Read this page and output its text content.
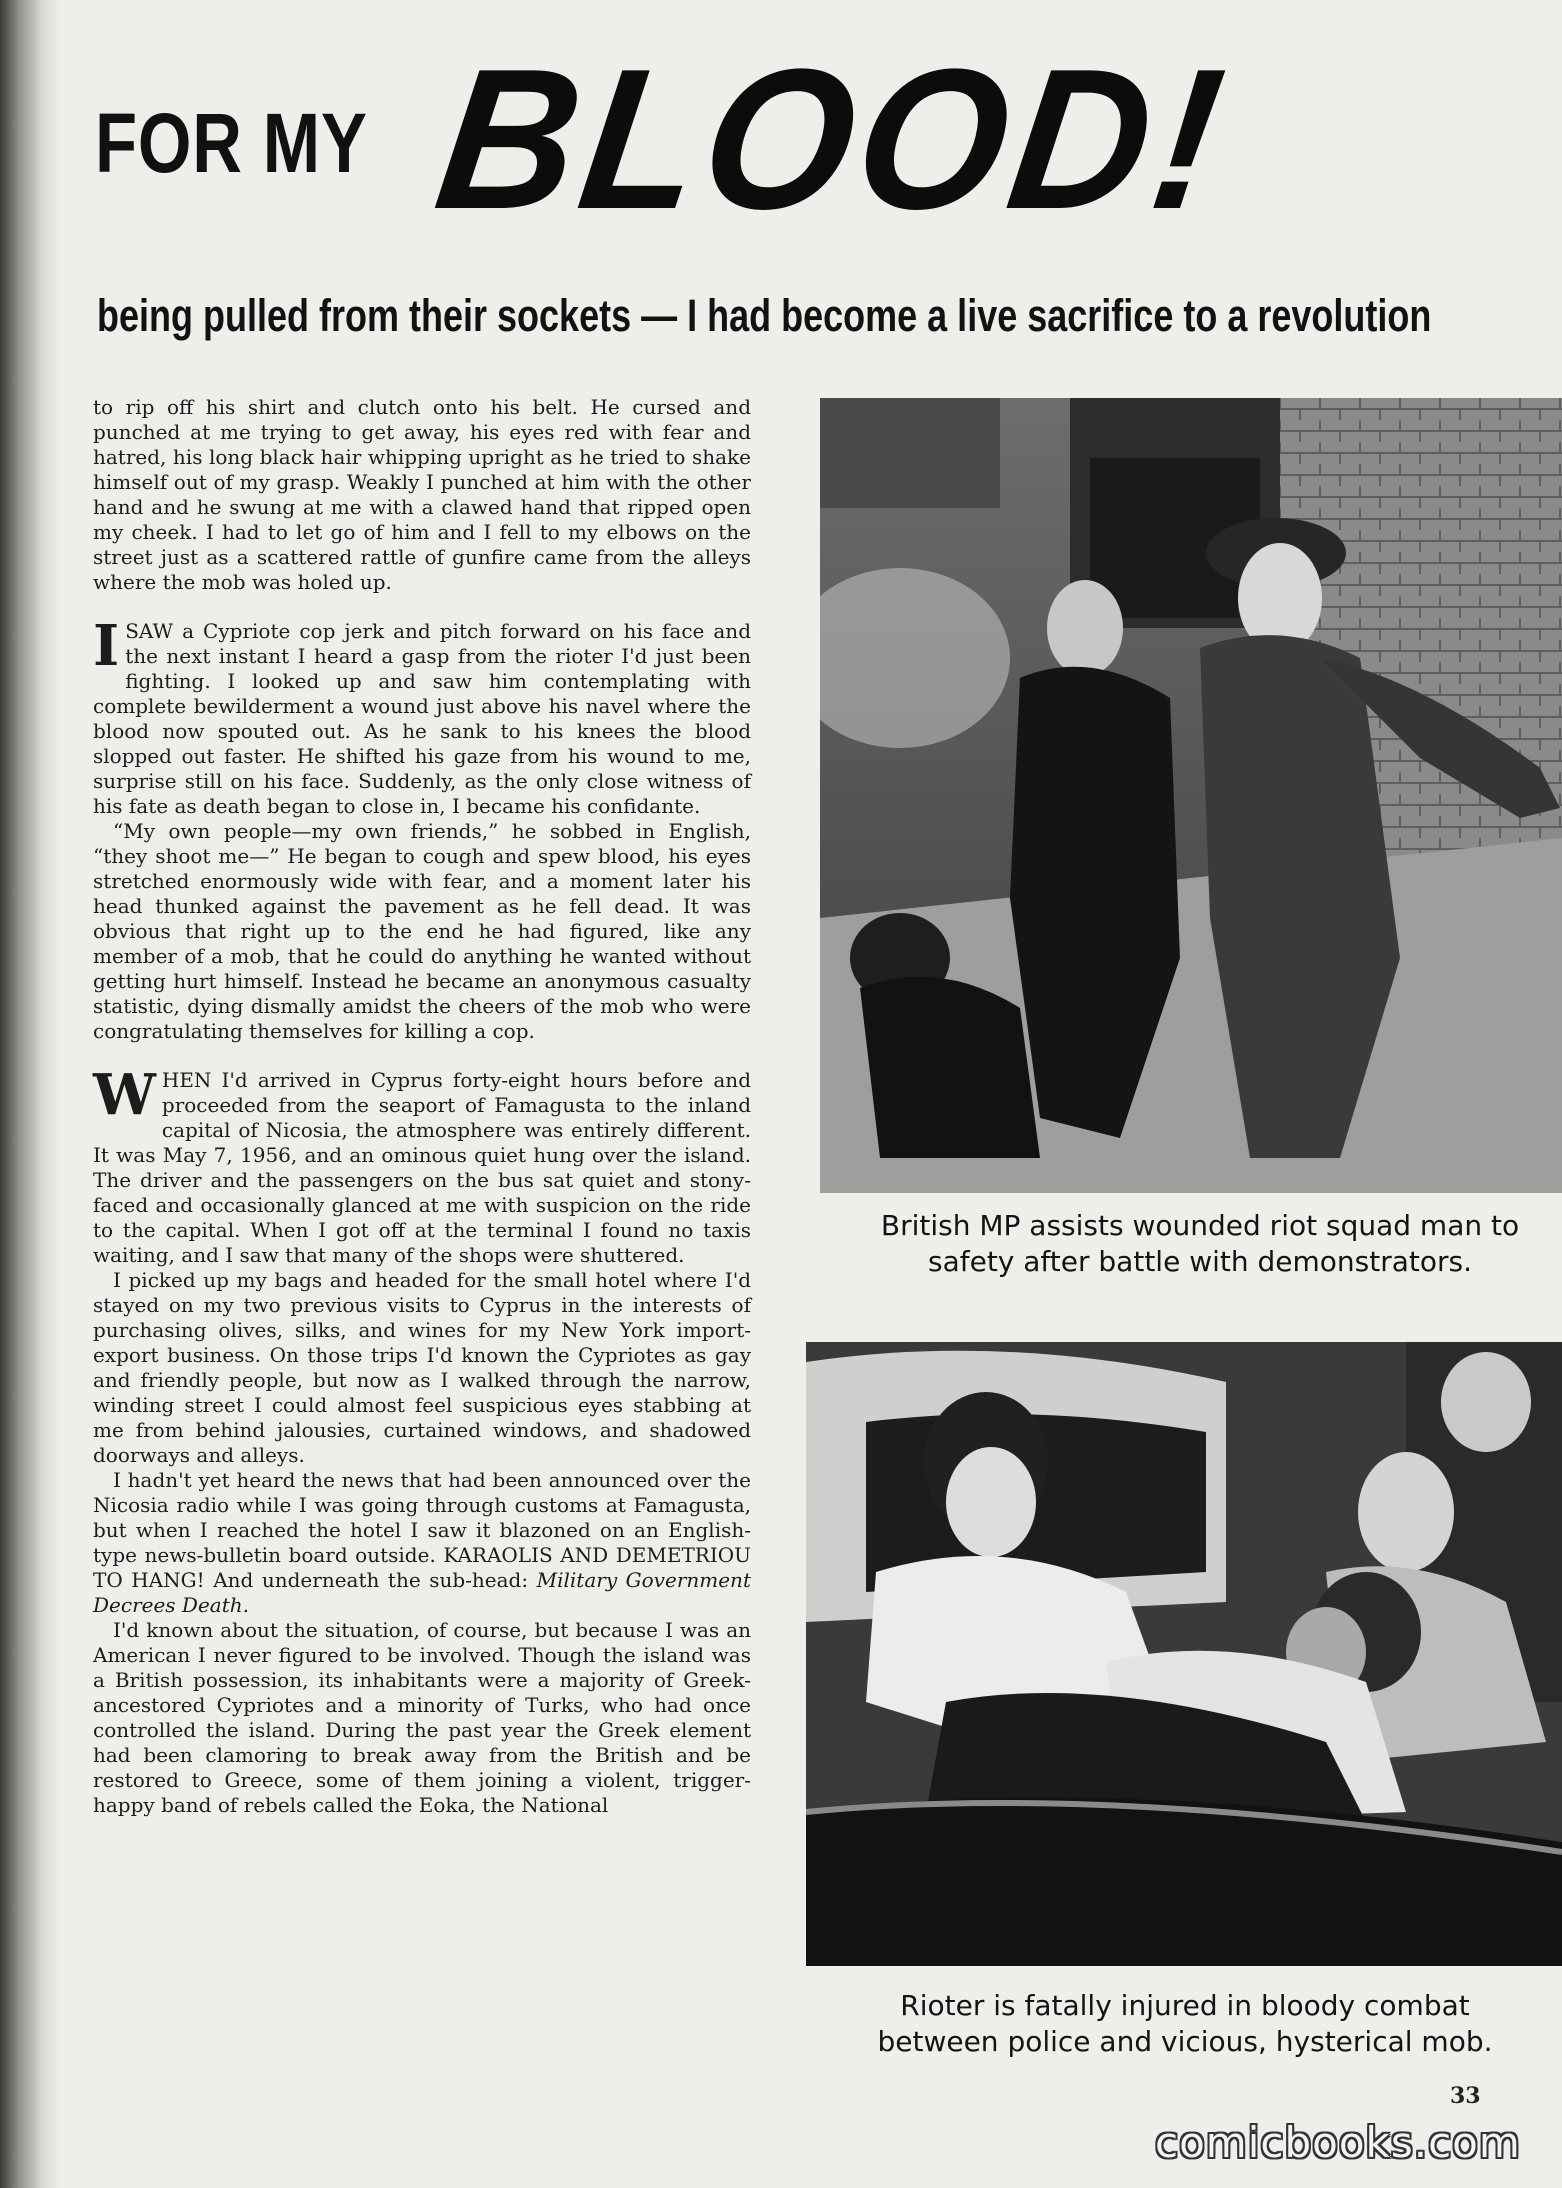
FOR MY BLOOD!
being pulled from their sockets — I had become a live sacrifice to a revolution

to rip off his shirt and clutch onto his belt. He cursed and punched at me trying to get away, his eyes red with fear and hatred, his long black hair whipping upright as he tried to shake himself out of my grasp. Weakly I punched at him with the other hand and he swung at me with a clawed hand that ripped open my cheek. I had to let go of him and I fell to my elbows on the street just as a scattered rattle of gunfire came from the alleys where the mob was holed up.

ISAW a Cypriote cop jerk and pitch forward on his face and the next instant I heard a gasp from the rioter I'd just been fighting. I looked up and saw him contemplating with complete bewilderment a wound just above his navel where the blood now spouted out. As he sank to his knees the blood slopped out faster. He shifted his gaze from his wound to me, surprise still on his face. Suddenly, as the only close witness of his fate as death began to close in, I became his confidante.

“My own people—my own friends,” he sobbed in English, “they shoot me—” He began to cough and spew blood, his eyes stretched enormously wide with fear, and a moment later his head thunked against the pavement as he fell dead. It was obvious that right up to the end he had figured, like any member of a mob, that he could do anything he wanted without getting hurt himself. Instead he became an anonymous casualty statistic, dying dismally amidst the cheers of the mob who were congratulating themselves for killing a cop.

WHEN I'd arrived in Cyprus forty-eight hours before and proceeded from the seaport of Famagusta to the inland capital of Nicosia, the atmosphere was entirely different. It was May 7, 1956, and an ominous quiet hung over the island. The driver and the passengers on the bus sat quiet and stony-faced and occasionally glanced at me with suspicion on the ride to the capital. When I got off at the terminal I found no taxis waiting, and I saw that many of the shops were shuttered.

I picked up my bags and headed for the small hotel where I'd stayed on my two previous visits to Cyprus in the interests of purchasing olives, silks, and wines for my New York import-export business. On those trips I'd known the Cypriotes as gay and friendly people, but now as I walked through the narrow, winding street I could almost feel suspicious eyes stabbing at me from behind jalousies, curtained windows, and shadowed doorways and alleys.

I hadn't yet heard the news that had been announced over the Nicosia radio while I was going through customs at Famagusta, but when I reached the hotel I saw it blazoned on an English-type news-bulletin board outside. KARAOLIS AND DEMETRIOU TO HANG! And underneath the sub-head: Military Government Decrees Death.

I'd known about the situation, of course, but because I was an American I never figured to be involved. Though the island was a British possession, its inhabitants were a majority of Greek-ancestored Cypriotes and a minority of Turks, who had once controlled the island. During the past year the Greek element had been clamoring to break away from the British and be restored to Greece, some of them joining a violent, trigger-happy band of rebels called the Eoka, the National

British MP assists wounded riot squad man to safety after battle with demonstrators.
Rioter is fatally injured in bloody combat between police and vicious, hysterical mob.
33
comicbooks.com
